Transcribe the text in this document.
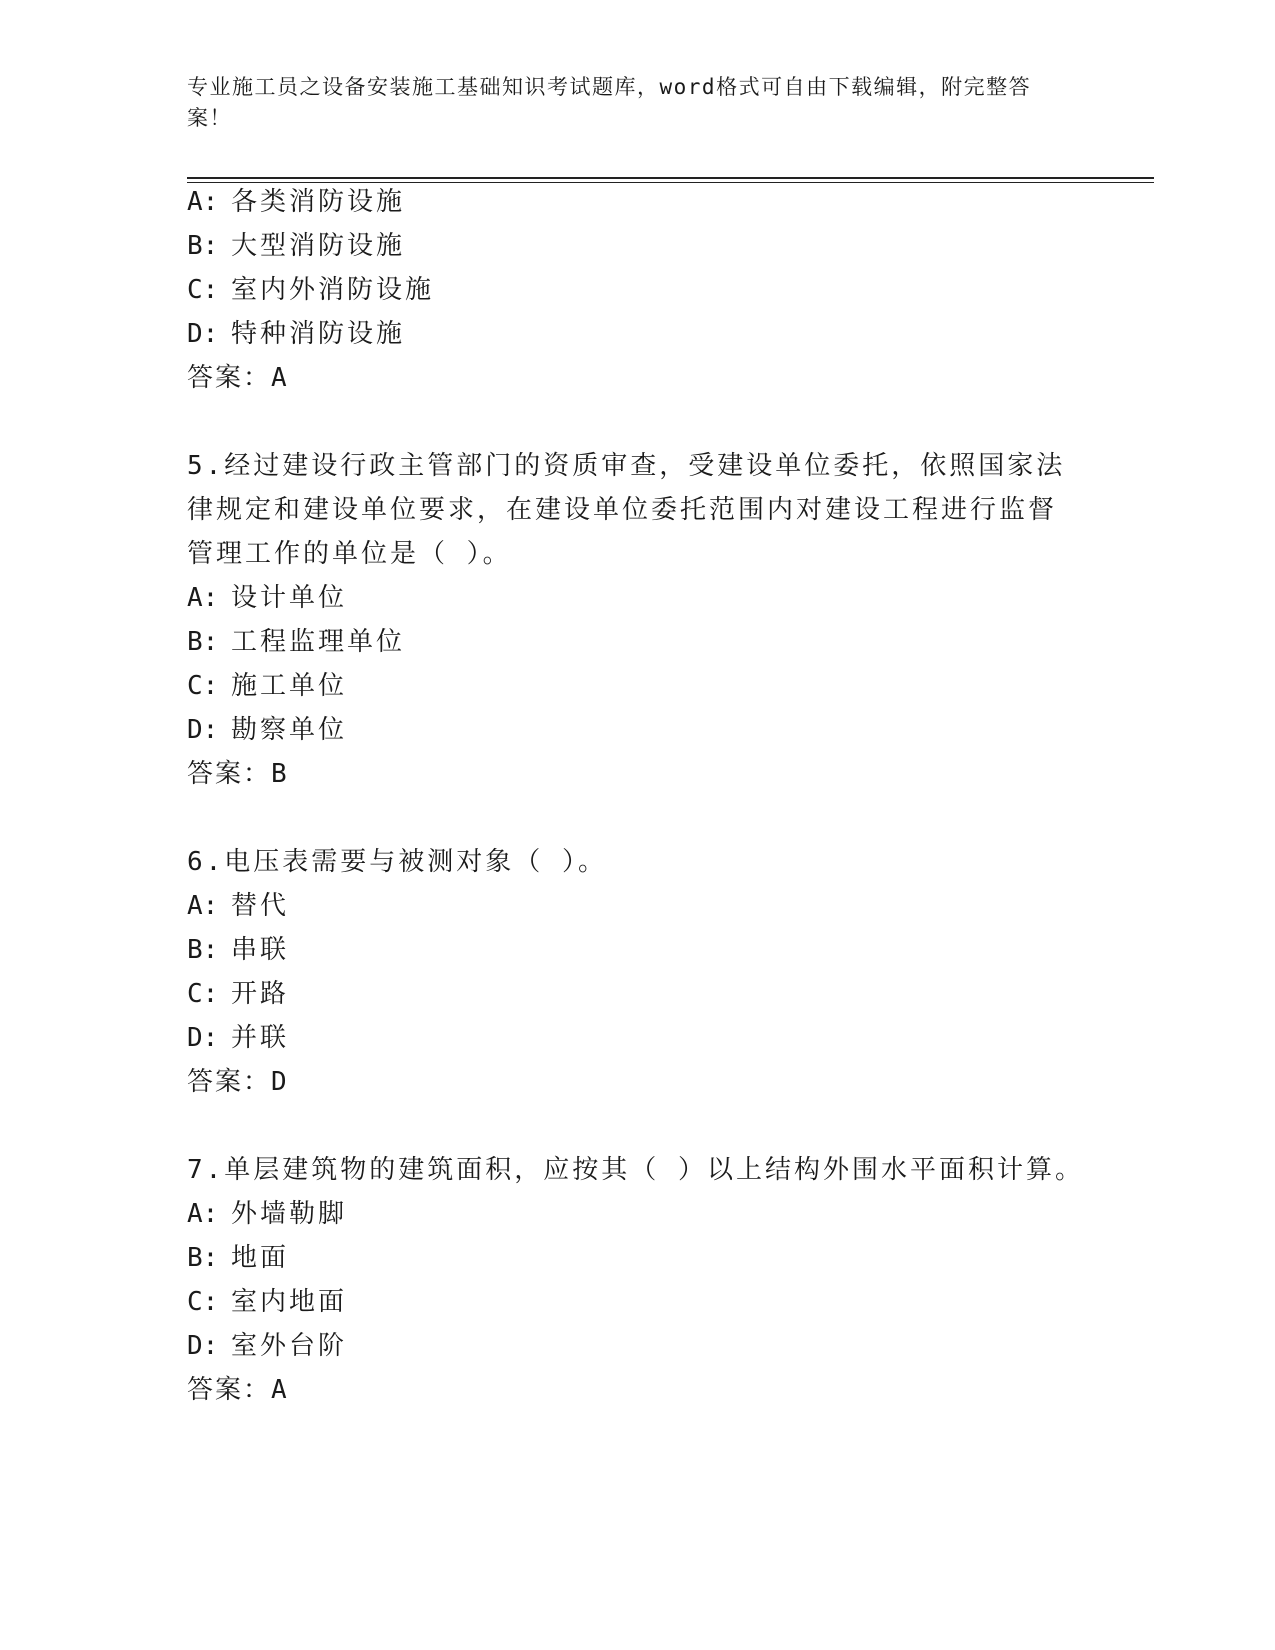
专业施工员之设备安装施工基础知识考试题库，word格式可自由下载编辑，附完整答案！
A: 各类消防设施
B: 大型消防设施
C: 室内外消防设施
D: 特种消防设施
答案：A
5.经过建设行政主管部门的资质审查，受建设单位委托，依照国家法
律规定和建设单位要求，在建设单位委托范围内对建设工程进行监督
管理工作的单位是（ ）。
A: 设计单位
B: 工程监理单位
C: 施工单位
D: 勘察单位
答案：B
6.电压表需要与被测对象（ ）。
A: 替代
B: 串联
C: 开路
D: 并联
答案：D
7.单层建筑物的建筑面积，应按其（ ）以上结构外围水平面积计算。
A: 外墙勒脚
B: 地面
C: 室内地面
D: 室外台阶
答案：A
